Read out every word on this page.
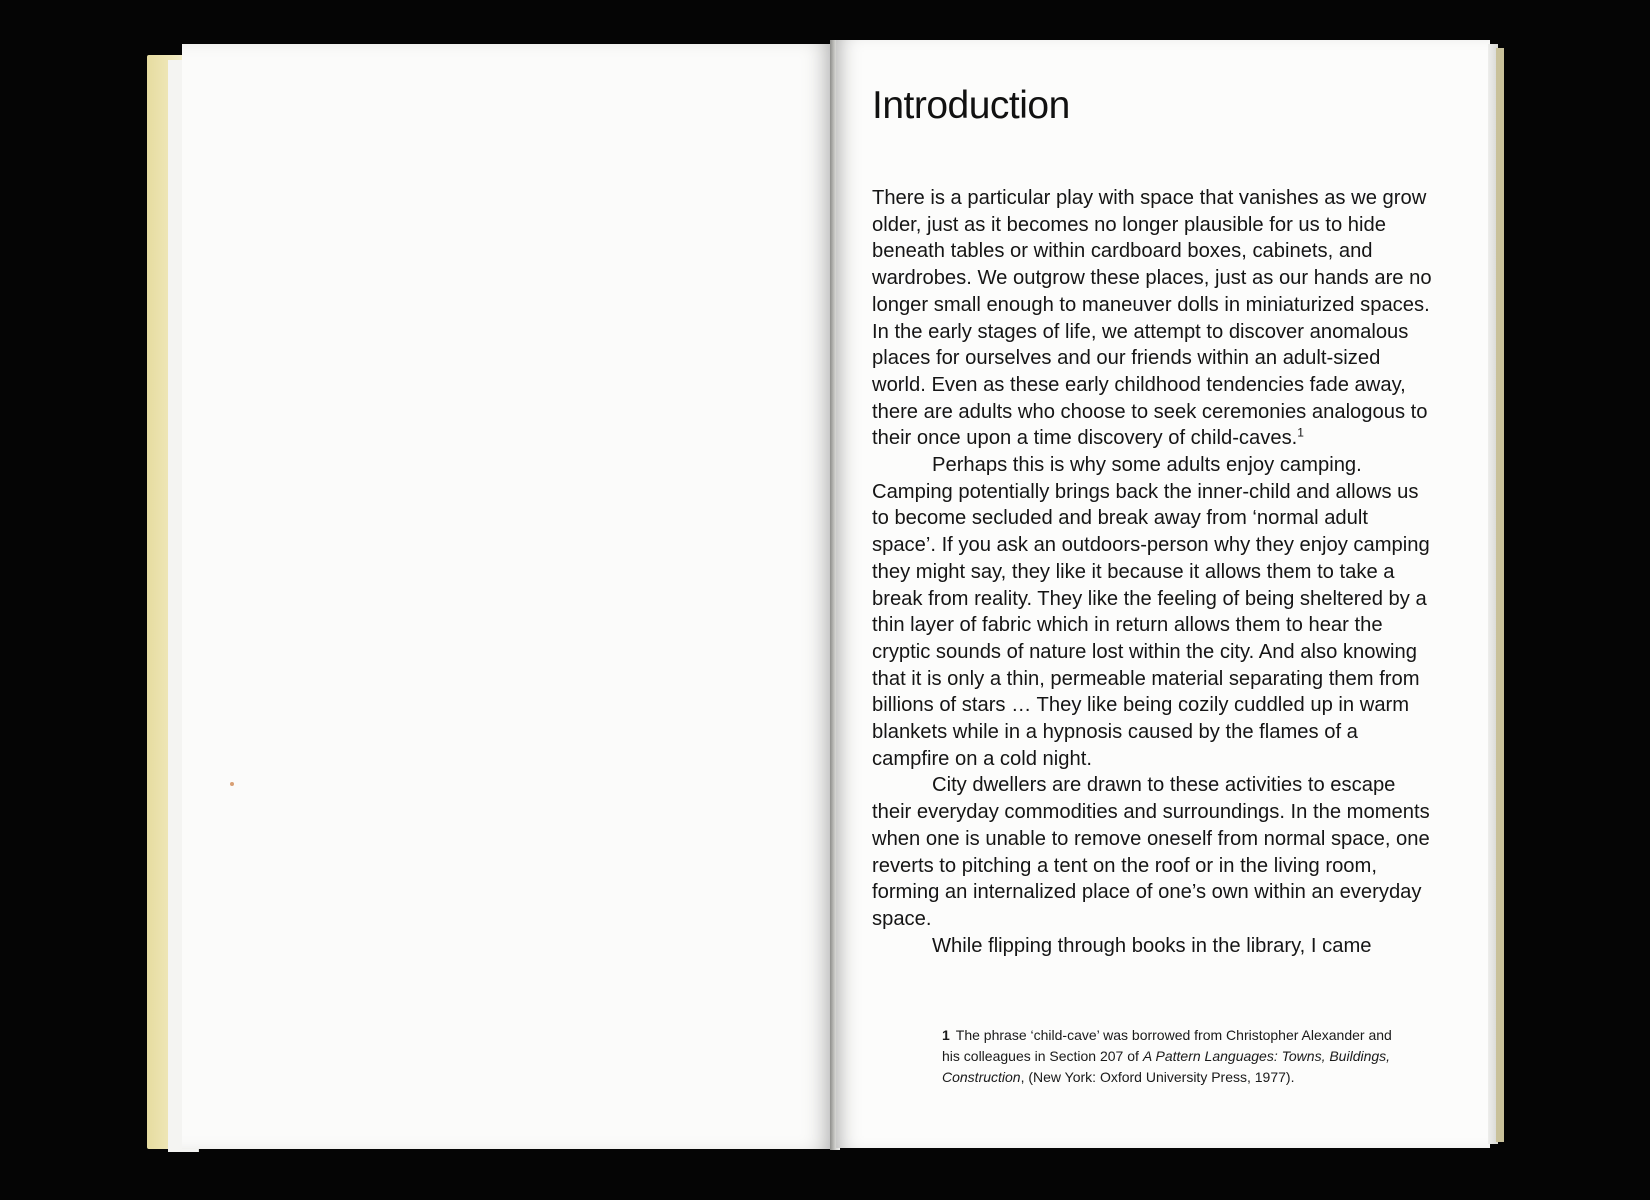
Introduction

There is a particular play with space that vanishes as we grow older, just as it becomes no longer plausible for us to hide beneath tables or within cardboard boxes, cabinets, and wardrobes. We outgrow these places, just as our hands are no longer small enough to maneuver dolls in miniaturized spaces. In the early stages of life, we attempt to discover anomalous places for ourselves and our friends within an adult-sized world. Even as these early childhood tendencies fade away, there are adults who choose to seek ceremonies analogous to their once upon a time discovery of child-caves.$^1$

Perhaps this is why some adults enjoy camping. Camping potentially brings back the inner-child and allows us to become secluded and break away from ‘normal adult space’. If you ask an outdoors-person why they enjoy camping they might say, they like it because it allows them to take a break from reality. They like the feeling of being sheltered by a thin layer of fabric which in return allows them to hear the cryptic sounds of nature lost within the city. And also knowing that it is only a thin, permeable material separating them from billions of stars … They like being cozily cuddled up in warm blankets while in a hypnosis caused by the flames of a campfire on a cold night.

City dwellers are drawn to these activities to escape their everyday commodities and surroundings. In the moments when one is unable to remove oneself from normal space, one reverts to pitching a tent on the roof or in the living room, forming an internalized place of one’s own within an everyday space.

While flipping through books in the library, I came

1 The phrase ‘child-cave’ was borrowed from Christopher Alexander and his colleagues in Section 207 of A Pattern Languages: Towns, Buildings, Construction, (New York: Oxford University Press, 1977).
